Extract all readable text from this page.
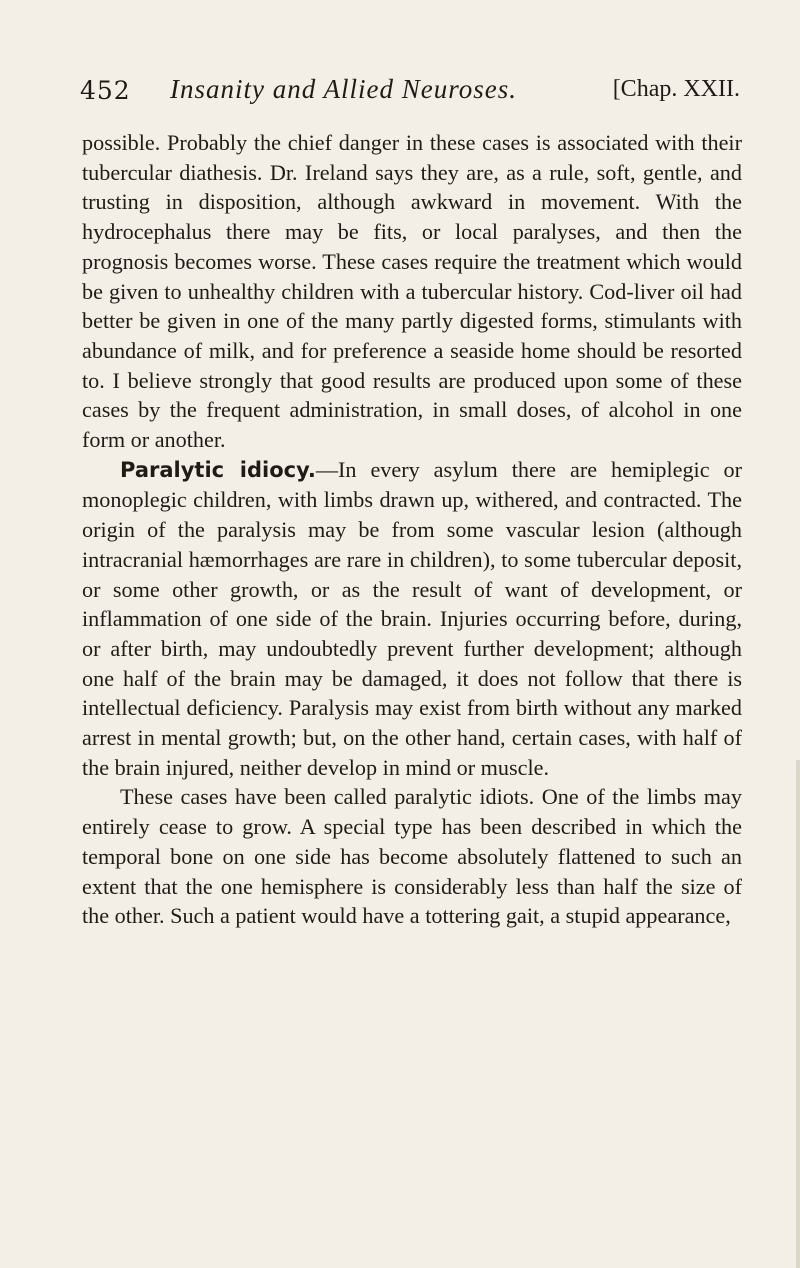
452 Insanity and Allied Neuroses.	[Chap. XXII.

possible. Probably the chief danger in these cases is associated with their tubercular diathesis. Dr. Ireland says they are, as a rule, soft, gentle, and trusting in disposition, although awkward in movement. With the hydrocephalus there may be fits, or local paralyses, and then the prognosis becomes worse. These cases require the treatment which would be given to unhealthy children with a tubercular history. Cod-liver oil had better be given in one of the many partly digested forms, stimulants with abundance of milk, and for preference a seaside home should be resorted to. I believe strongly that good results are produced upon some of these cases by the frequent administration, in small doses, of alcohol in one form or another.

Paralytic idiocy.—In every asylum there are hemiplegic or monoplegic children, with limbs drawn up, withered, and contracted. The origin of the paralysis may be from some vascular lesion (although intracranial hæmorrhages are rare in children), to some tubercular deposit, or some other growth, or as the result of want of development, or inflammation of one side of the brain. Injuries occurring before, during, or after birth, may undoubtedly prevent further development; although one half of the brain may be damaged, it does not follow that there is intellectual deficiency. Paralysis may exist from birth without any marked arrest in mental growth; but, on the other hand, certain cases, with half of the brain injured, neither develop in mind or muscle.

These cases have been called paralytic idiots. One of the limbs may entirely cease to grow. A special type has been described in which the temporal bone on one side has become absolutely flattened to such an extent that the one hemisphere is considerably less than half the size of the other. Such a patient would have a tottering gait, a stupid appearance,
